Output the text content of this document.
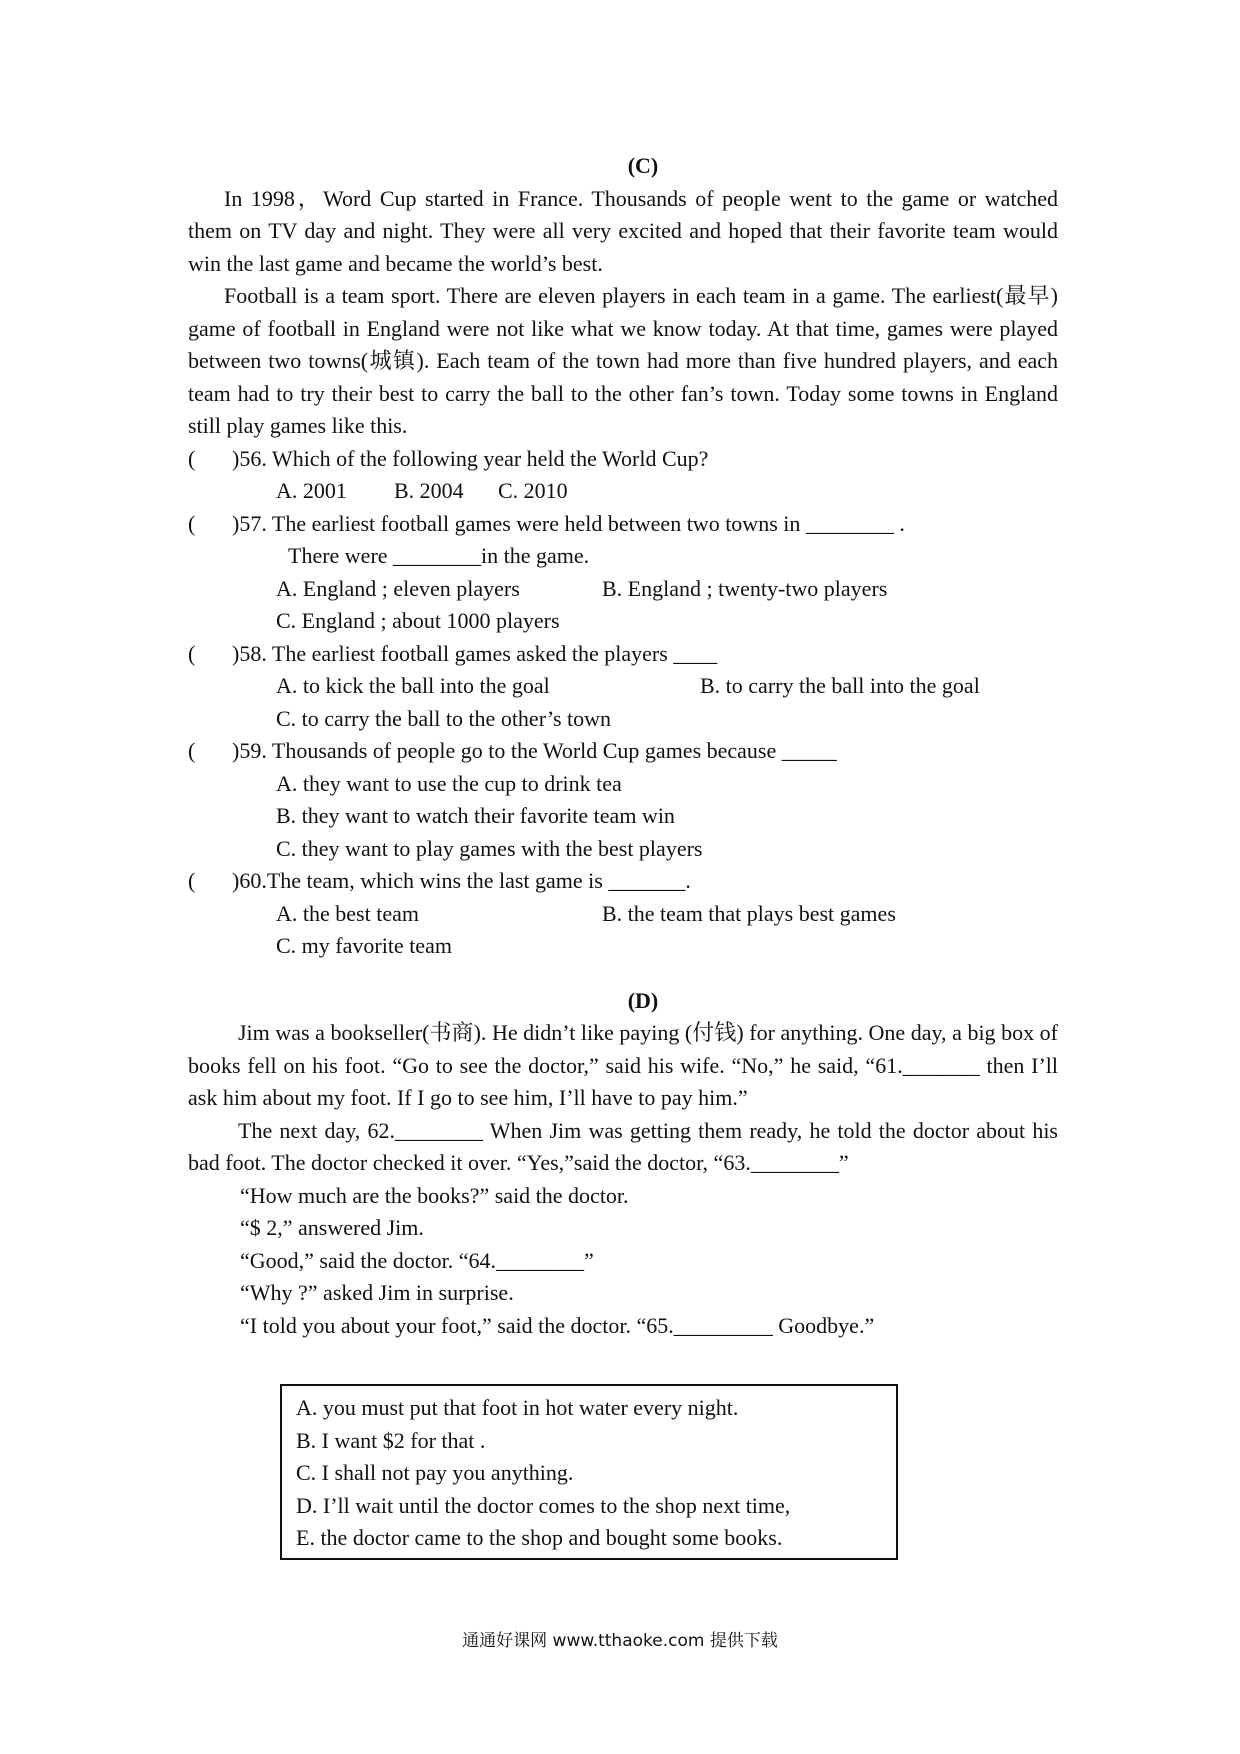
(C)

In 1998，Word Cup started in France. Thousands of people went to the game or watched them on TV day and night. They were all very excited and hoped that their favorite team would win the last game and became the world’s best.

Football is a team sport. There are eleven players in each team in a game. The earliest(最早) game of football in England were not like what we know today. At that time, games were played between two towns(城镇). Each team of the town had more than five hundred players, and each team had to try their best to carry the ball to the other fan’s town. Today some towns in England still play games like this.

( )56. Which of the following year held the World Cup?
A. 2001	B. 2004	C. 2010
( )57. The earliest football games were held between two towns in ________ .
There were ________in the game.
A. England ; eleven players	B. England ; twenty-two players
C. England ; about 1000 players
( )58. The earliest football games asked the players ____
A. to kick the ball into the goal	B. to carry the ball into the goal
C. to carry the ball to the other’s town
( )59. Thousands of people go to the World Cup games because _____
A. they want to use the cup to drink tea
B. they want to watch their favorite team win
C. they want to play games with the best players
( )60.The team, which wins the last game is _______.
A. the best team	B. the team that plays best games
C. my favorite team
(D)

Jim was a bookseller(书商). He didn’t like paying (付钱) for anything. One day, a big box of books fell on his foot. “Go to see the doctor,” said his wife. “No,” he said, “61._______ then I’ll ask him about my foot. If I go to see him, I’ll have to pay him.”

The next day, 62.________ When Jim was getting them ready, he told the doctor about his bad foot. The doctor checked it over. “Yes,”said the doctor, “63.________”

“How much are the books?” said the doctor.
“$ 2,” answered Jim.
“Good,” said the doctor. “64.________”
“Why ?” asked Jim in surprise.
“I told you about your foot,” said the doctor. “65._________ Goodbye.”
A. you must put that foot in hot water every night.
B. I want $2 for that .
C. I shall not pay you anything.
D. I’ll wait until the doctor comes to the shop next time,
E. the doctor came to the shop and bought some books.
通通好课网 www.tthaoke.com 提供下载
